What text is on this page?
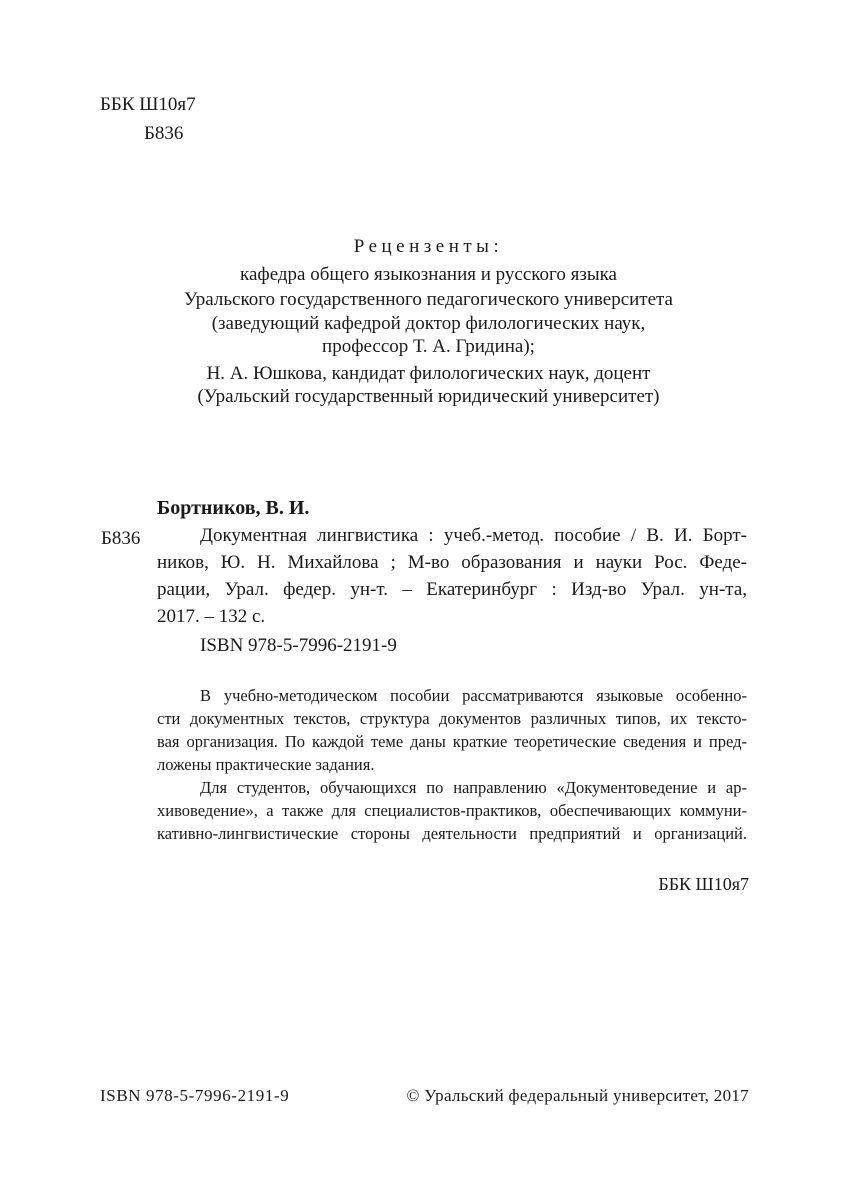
ББК Ш10я7
Б836
Рецензенты:
кафедра общего языкознания и русского языка
Уральского государственного педагогического университета
(заведующий кафедрой доктор филологических наук,
профессор Т. А. Гридина);
Н. А. Юшкова, кандидат филологических наук, доцент
(Уральский государственный юридический университет)
Бортников, В. И.
Б836	Документная лингвистика : учеб.-метод. пособие / В. И. Борт-
ников, Ю. Н. Михайлова ; М-во образования и науки Рос. Феде-
рации, Урал. федер. ун-т. – Екатеринбург : Изд-во Урал. ун-та,
2017. – 132 с.
ISBN 978-5-7996-2191-9
В учебно-методическом пособии рассматриваются языковые особенно-
сти документных текстов, структура документов различных типов, их тексто-
вая организация. По каждой теме даны краткие теоретические сведения и пред-
ложены практические задания.
Для студентов, обучающихся по направлению «Документоведение и ар-
хивоведение», а также для специалистов-практиков, обеспечивающих коммуни-
кативно-лингвистические стороны деятельности предприятий и организаций.
ББК Ш10я7
ISBN 978-5-7996-2191-9	© Уральский федеральный университет, 2017
